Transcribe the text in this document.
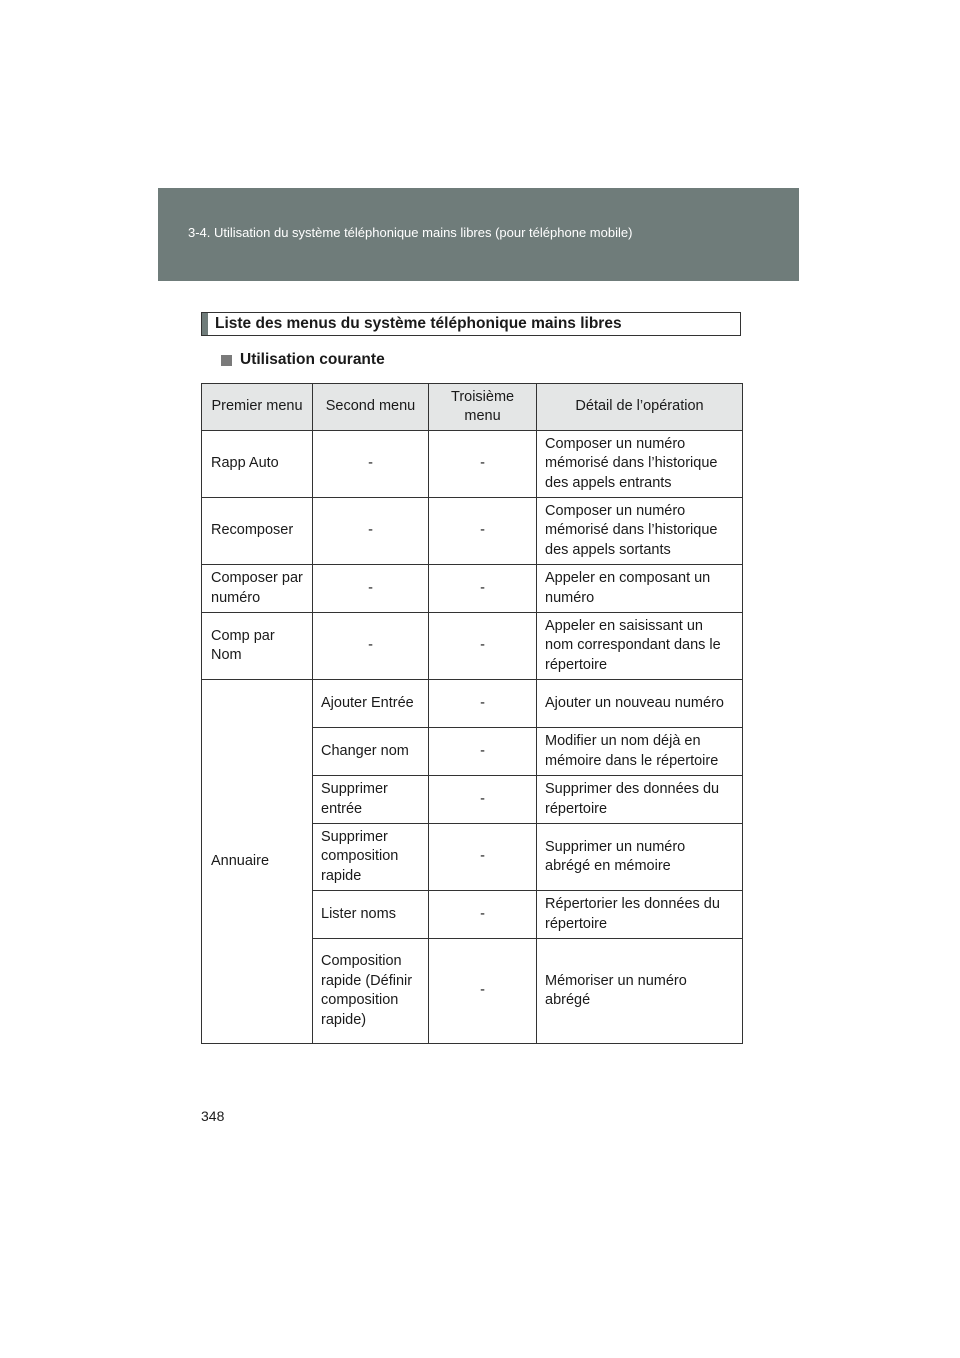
3-4. Utilisation du système téléphonique mains libres (pour téléphone mobile)
Liste des menus du système téléphonique mains libres
Utilisation courante
Premier menu	Second menu	Troisième menu	Détail de l’opération
Rapp Auto	-	-	Composer un numéro mémorisé dans l’historique des appels entrants
Recomposer	-	-	Composer un numéro mémorisé dans l’historique des appels sortants
Composer par numéro	-	-	Appeler en composant un numéro
Comp par Nom	-	-	Appeler en saisissant un nom correspondant dans le répertoire
Annuaire	Ajouter Entrée	-	Ajouter un nouveau numéro
	Changer nom	-	Modifier un nom déjà en mémoire dans le répertoire
	Supprimer entrée	-	Supprimer des données du répertoire
	Supprimer composition rapide	-	Supprimer un numéro abrégé en mémoire
	Lister noms	-	Répertorier les données du répertoire
	Composition rapide (Définir composition rapide)	-	Mémoriser un numéro abrégé
348
